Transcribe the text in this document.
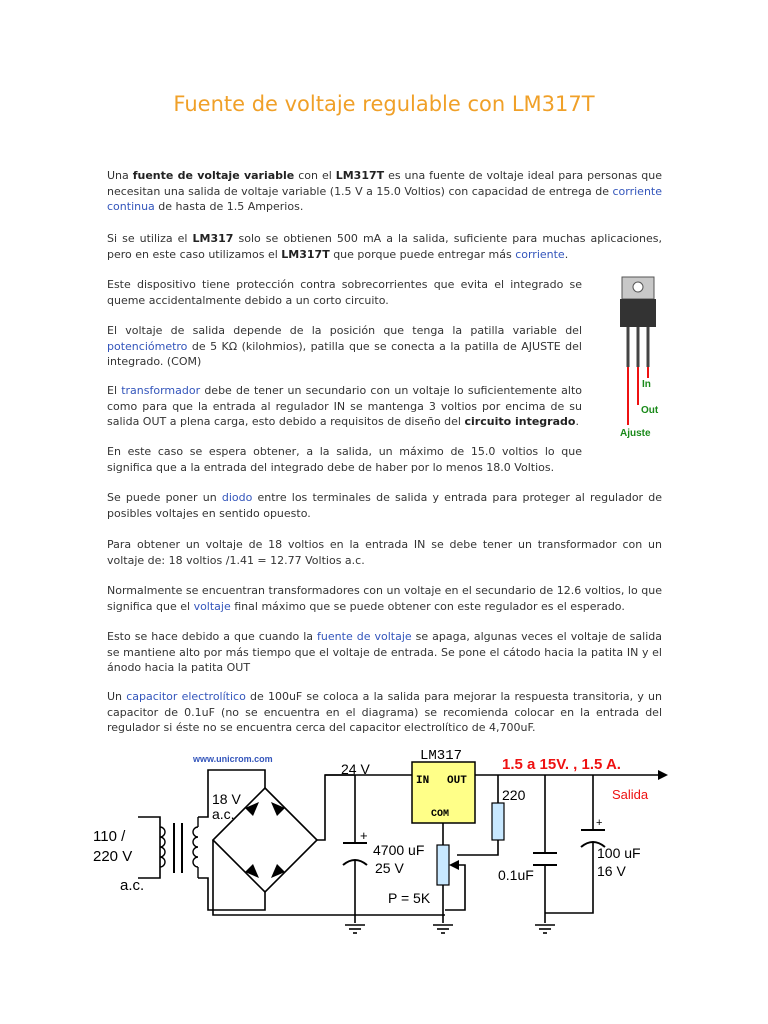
Fuente de voltaje regulable con LM317T

Una fuente de voltaje variable con el LM317T es una fuente de voltaje ideal para personas que necesitan una salida de voltaje variable (1.5 V a 15.0 Voltios) con capacidad de entrega de corriente continua de hasta de 1.5 Amperios.

Si se utiliza el LM317 solo se obtienen 500 mA a la salida, suficiente para muchas aplicaciones, pero en este caso utilizamos el LM317T que porque puede entregar más corriente.

Este dispositivo tiene protección contra sobrecorrientes que evita el integrado se queme accidentalmente debido a un corto circuito.

El voltaje de salida depende de la posición que tenga la patilla variable del potenciómetro de 5 KΩ (kilohmios), patilla que se conecta a la patilla de AJUSTE del integrado. (COM)

El transformador debe de tener un secundario con un voltaje lo suficientemente alto como para que la entrada al regulador IN se mantenga 3 voltios por encima de su salida OUT a plena carga, esto debido a requisitos de diseño del circuito integrado.

En este caso se espera obtener, a la salida, un máximo de 15.0 voltios lo que significa que a la entrada del integrado debe de haber por lo menos 18.0 Voltios.

Se puede poner un diodo entre los terminales de salida y entrada para proteger al regulador de posibles voltajes en sentido opuesto.

Para obtener un voltaje de 18 voltios en la entrada IN se debe tener un transformador con un voltaje de: 18 voltios /1.41 = 12.77 Voltios a.c.

Normalmente se encuentran transformadores con un voltaje en el secundario de 12.6 voltios, lo que significa que el voltaje final máximo que se puede obtener con este regulador es el esperado.

Esto se hace debido a que cuando la fuente de voltaje se apaga, algunas veces el voltaje de salida se mantiene alto por más tiempo que el voltaje de entrada. Se pone el cátodo hacia la patita IN y el ánodo hacia la patita OUT

Un capacitor electrolítico de 100uF se coloca a la salida para mejorar la respuesta transitoria, y un capacitor de 0.1uF (no se encuentra en el diagrama) se recomienda colocar en la entrada del regulador si éste no se encuentra cerca del capacitor electrolítico de 4,700uF.

In
Out
Ajuste
IN OUT
COM
LM317
www.unicrom.com	1.5 a 15V. , 1.5 A.
110 /
220 V
a.c.
18 V
a.c.
24 V
+
4700 uF
25 V
P = 5K
220
0.1uF
+
100 uF
16 V
Salida
